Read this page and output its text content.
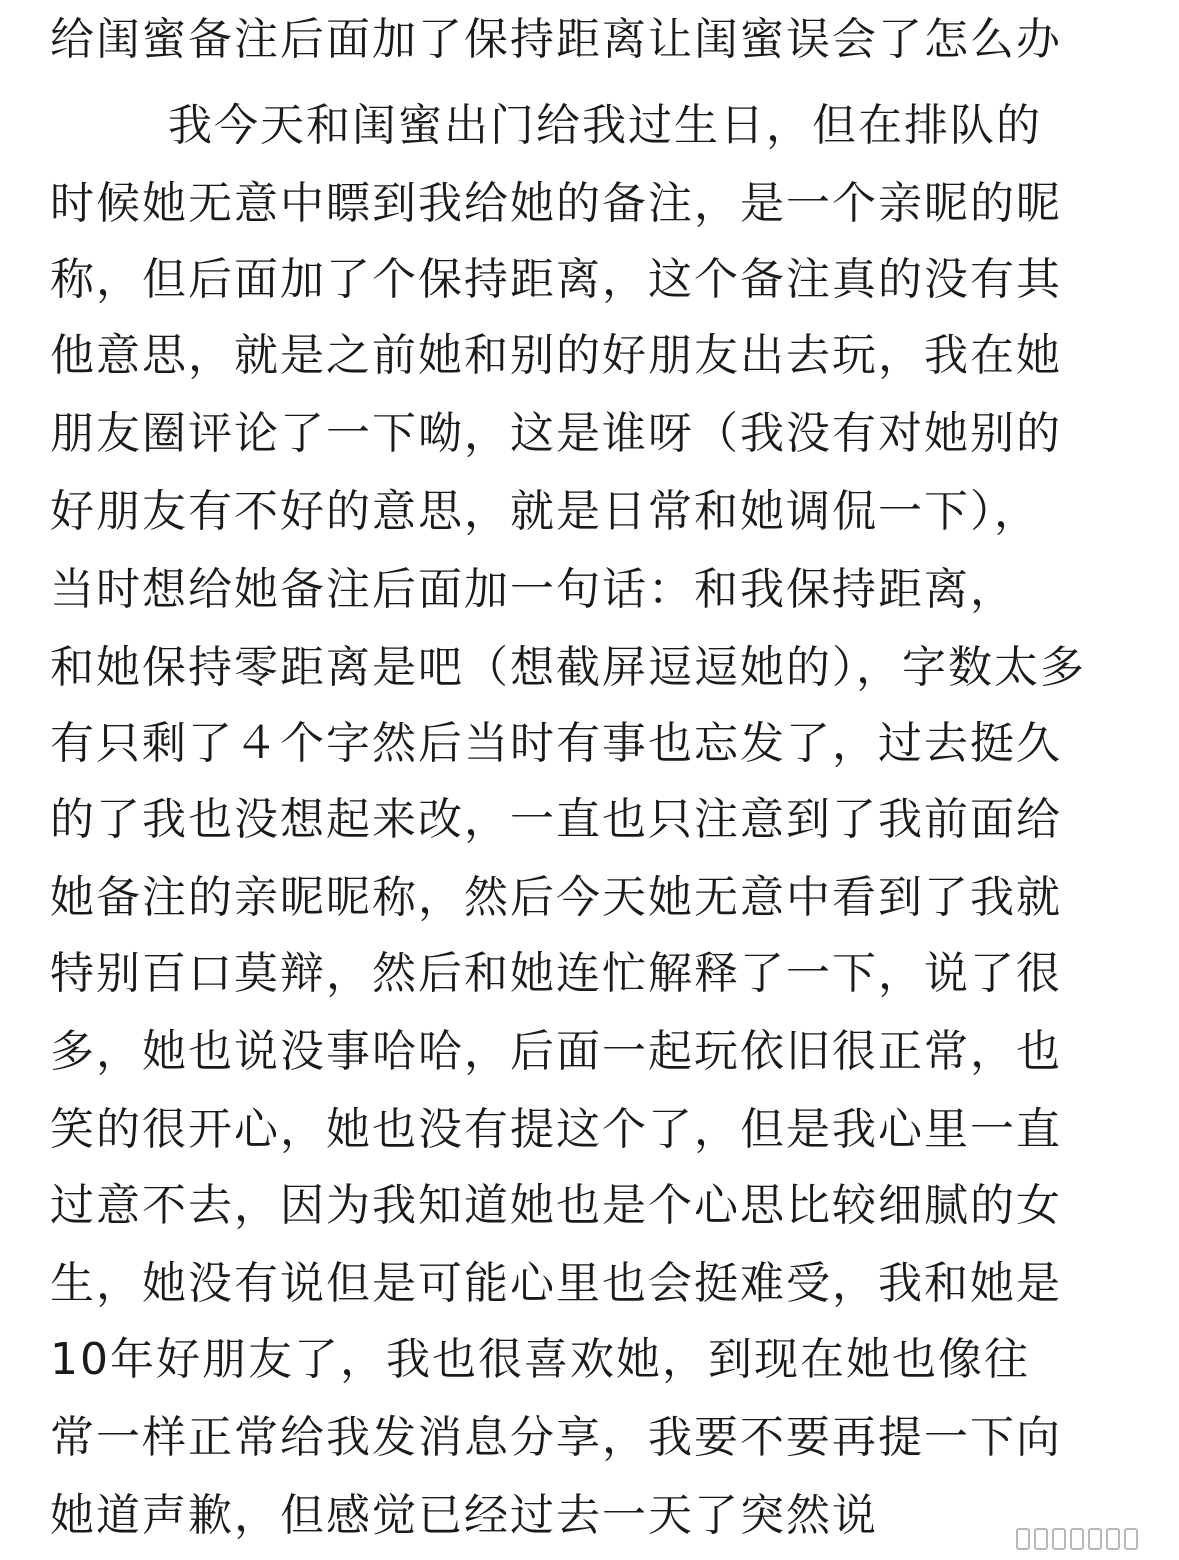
给闺蜜备注后面加了保持距离让闺蜜误会了怎么办

我今天和闺蜜出门给我过生日，但在排队的

时候她无意中瞟到我给她的备注，是一个亲昵的昵

称，但后面加了个保持距离，这个备注真的没有其

他意思，就是之前她和别的好朋友出去玩，我在她

朋友圈评论了一下呦，这是谁呀（我没有对她别的

好朋友有不好的意思，就是日常和她调侃一下），

当时想给她备注后面加一句话：和我保持距离，

和她保持零距离是吧（想截屏逗逗她的），字数太多

有只剩了４个字然后当时有事也忘发了，过去挺久

的了我也没想起来改，一直也只注意到了我前面给

她备注的亲昵昵称，然后今天她无意中看到了我就

特别百口莫辩，然后和她连忙解释了一下，说了很

多，她也说没事哈哈，后面一起玩依旧很正常，也

笑的很开心，她也没有提这个了，但是我心里一直

过意不去，因为我知道她也是个心思比较细腻的女

生，她没有说但是可能心里也会挺难受，我和她是

10年好朋友了，我也很喜欢她，到现在她也像往

常一样正常给我发消息分享，我要不要再提一下向

她道声歉，但感觉已经过去一天了突然说
